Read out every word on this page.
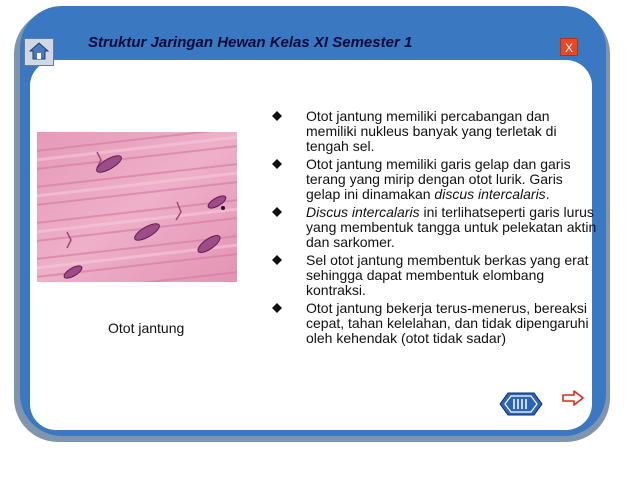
Struktur Jaringan Hewan Kelas XI Semester 1	X
b.	Otot jantung
Otot jantung
Otot jantung memiliki percabangan dan memiliki nukleus banyak yang terletak di tengah sel.
Otot jantung memiliki garis gelap dan garis terang yang mirip dengan otot lurik. Garis gelap ini dinamakan discus intercalaris.
Discus intercalaris ini terlihatseperti garis lurus yang membentuk tangga untuk pelekatan aktin dan sarkomer.
Sel otot jantung membentuk berkas yang erat sehingga dapat membentuk elombang kontraksi.
Otot jantung bekerja terus-menerus, bereaksi cepat, tahan kelelahan, dan tidak dipengaruhi oleh kehendak (otot tidak sadar)
